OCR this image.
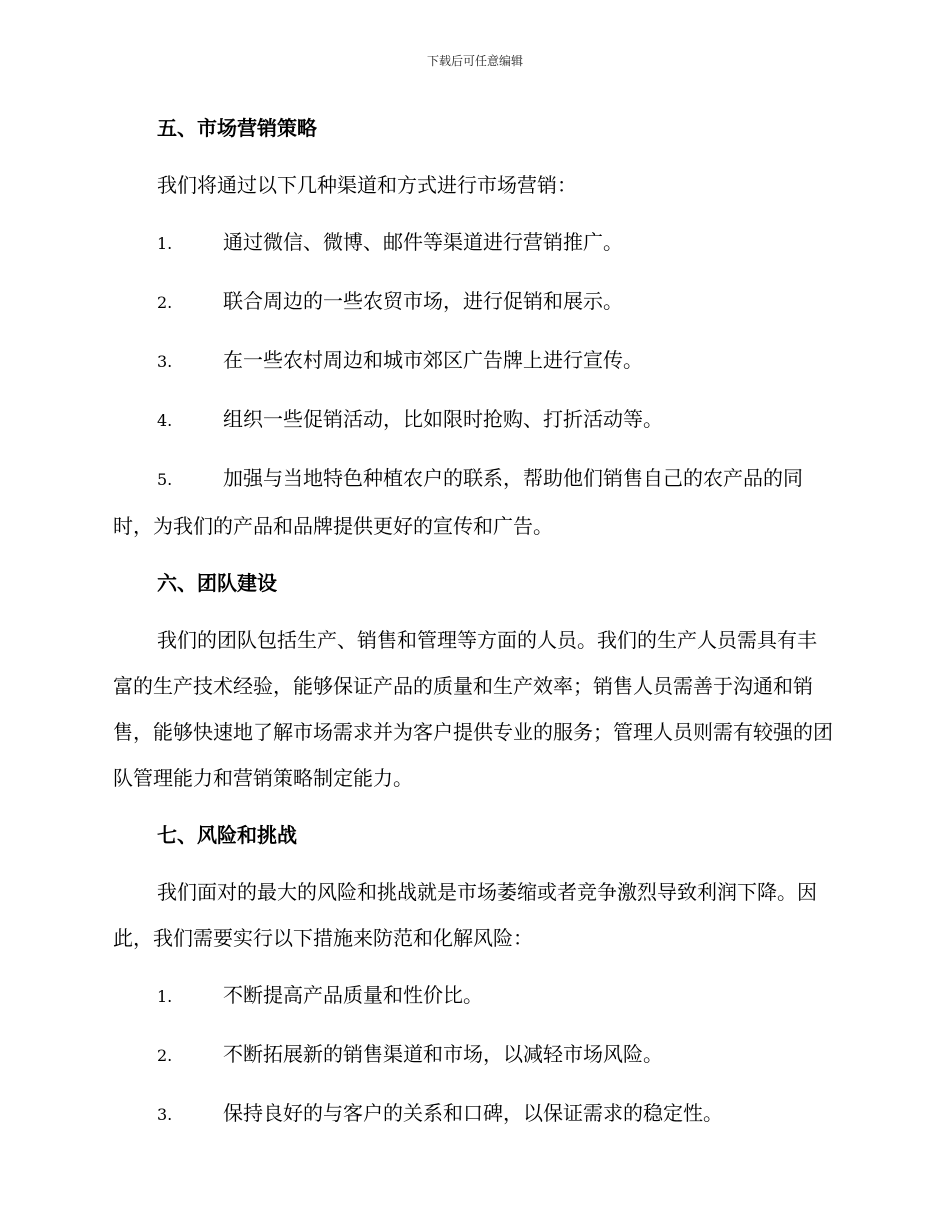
下载后可任意编辑

五、市场营销策略

我们将通过以下几种渠道和方式进行市场营销：

1.	通过微信、微博、邮件等渠道进行营销推广。

2.	联合周边的一些农贸市场，进行促销和展示。

3.	在一些农村周边和城市郊区广告牌上进行宣传。

4.	组织一些促销活动，比如限时抢购、打折活动等。

5.	加强与当地特色种植农户的联系，帮助他们销售自己的农产品的同时，为我们的产品和品牌提供更好的宣传和广告。

六、团队建设

我们的团队包括生产、销售和管理等方面的人员。我们的生产人员需具有丰富的生产技术经验，能够保证产品的质量和生产效率；销售人员需善于沟通和销售，能够快速地了解市场需求并为客户提供专业的服务；管理人员则需有较强的团队管理能力和营销策略制定能力。

七、风险和挑战

我们面对的最大的风险和挑战就是市场萎缩或者竞争激烈导致利润下降。因此，我们需要实行以下措施来防范和化解风险：

1.	不断提高产品质量和性价比。

2.	不断拓展新的销售渠道和市场，以减轻市场风险。

3.	保持良好的与客户的关系和口碑，以保证需求的稳定性。
